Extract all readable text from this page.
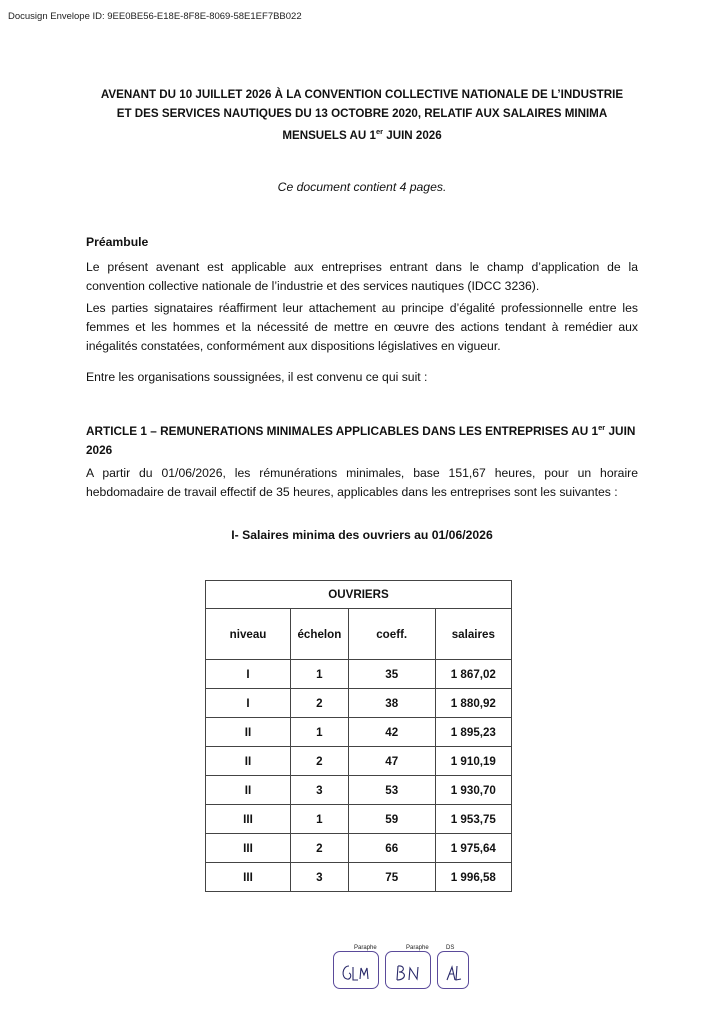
Docusign Envelope ID: 9EE0BE56-E18E-8F8E-8069-58E1EF7BB022
AVENANT DU 10 JUILLET 2026 À LA CONVENTION COLLECTIVE NATIONALE DE L’INDUSTRIE
ET DES SERVICES NAUTIQUES DU 13 OCTOBRE 2020, RELATIF AUX SALAIRES MINIMA
MENSUELS AU 1er JUIN 2026
Ce document contient 4 pages.
Préambule
Le présent avenant est applicable aux entreprises entrant dans le champ d’application de la convention collective nationale de l’industrie et des services nautiques (IDCC 3236).
Les parties signataires réaffirment leur attachement au principe d’égalité professionnelle entre les femmes et les hommes et la nécessité de mettre en œuvre des actions tendant à remédier aux inégalités constatées, conformément aux dispositions législatives en vigueur.
Entre les organisations soussignées, il est convenu ce qui suit :
ARTICLE 1 – REMUNERATIONS MINIMALES APPLICABLES DANS LES ENTREPRISES AU 1er JUIN 2026
A partir du 01/06/2026, les rémunérations minimales, base 151,67 heures, pour un horaire hebdomadaire de travail effectif de 35 heures, applicables dans les entreprises sont les suivantes :
I- Salaires minima des ouvriers au 01/06/2026
OUVRIERS			
niveau	échelon	coeff.	salaires
I	1	35	1 867,02
I	2	38	1 880,92
II	1	42	1 895,23
II	2	47	1 910,19
II	3	53	1 930,70
III	1	59	1 953,75
III	2	66	1 975,64
III	3	75	1 996,58
Paraphe	Paraphe	DS
